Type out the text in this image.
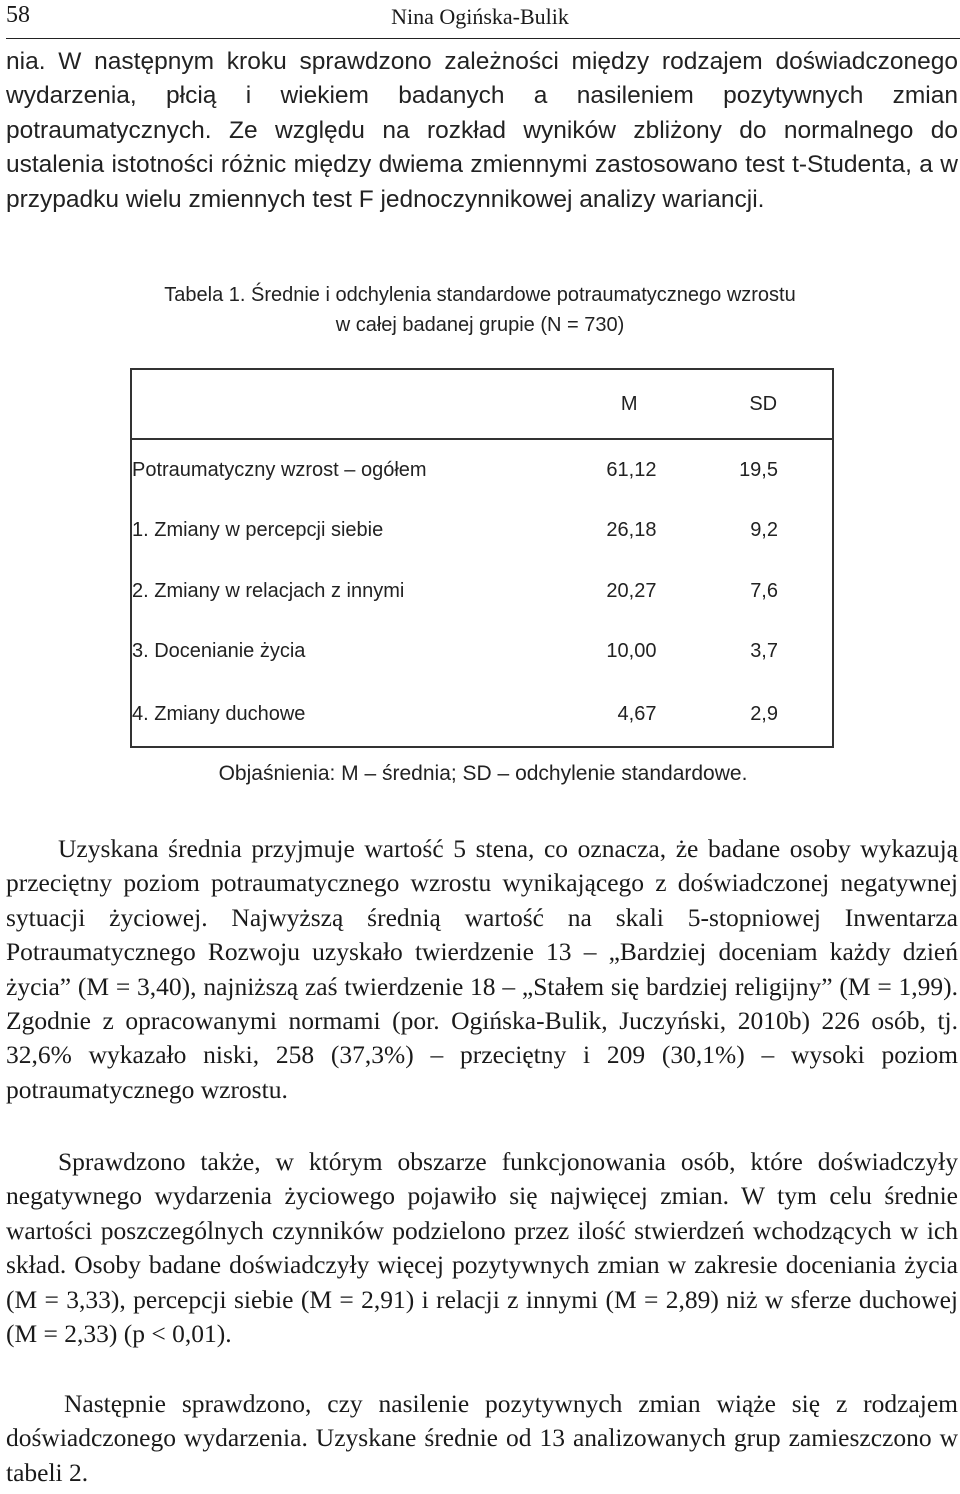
58	Nina Ogińska-Bulik

nia. W następnym kroku sprawdzono zależności między rodzajem doświadczonego wydarzenia, płcią i wiekiem badanych a nasileniem pozytywnych zmian potraumatycznych. Ze względu na rozkład wyników zbliżony do normalnego do ustalenia istotności różnic między dwiema zmiennymi zastosowano test t-Studenta, a w przypadku wielu zmiennych test F jednoczynnikowej analizy wariancji.

Tabela 1. Średnie i odchylenia standardowe potraumatycznego wzrostu
w całej badanej grupie (N = 730)
	M	SD
Potraumatyczny wzrost – ogółem	61,12	19,5
1. Zmiany w percepcji siebie	26,18	9,2
2. Zmiany w relacjach z innymi	20,27	7,6
3. Docenianie życia	10,00	3,7
4. Zmiany duchowe	4,67	2,9
Objaśnienia: M – średnia; SD – odchylenie standardowe.

Uzyskana średnia przyjmuje wartość 5 stena, co oznacza, że badane osoby wykazują przeciętny poziom potraumatycznego wzrostu wynikającego z doświadczonej negatywnej sytuacji życiowej. Najwyższą średnią wartość na skali 5-stopniowej Inwentarza Potraumatycznego Rozwoju uzyskało twierdzenie 13 – „Bardziej doceniam każdy dzień życia” (M = 3,40), najniższą zaś twierdzenie 18 – „Stałem się bardziej religijny” (M = 1,99). Zgodnie z opracowanymi normami (por. Ogińska-Bulik, Juczyński, 2010b) 226 osób, tj. 32,6% wykazało niski, 258 (37,3%) – przeciętny i 209 (30,1%) – wysoki poziom potraumatycznego wzrostu.

Sprawdzono także, w którym obszarze funkcjonowania osób, które doświadczyły negatywnego wydarzenia życiowego pojawiło się najwięcej zmian. W tym celu średnie wartości poszczególnych czynników podzielono przez ilość stwierdzeń wchodzących w ich skład. Osoby badane doświadczyły więcej pozytywnych zmian w zakresie doceniania życia (M = 3,33), percepcji siebie (M = 2,91) i relacji z innymi (M = 2,89) niż w sferze duchowej (M = 2,33) (p < 0,01).

Następnie sprawdzono, czy nasilenie pozytywnych zmian wiąże się z rodzajem doświadczonego wydarzenia. Uzyskane średnie od 13 analizowanych grup zamieszczono w tabeli 2.
